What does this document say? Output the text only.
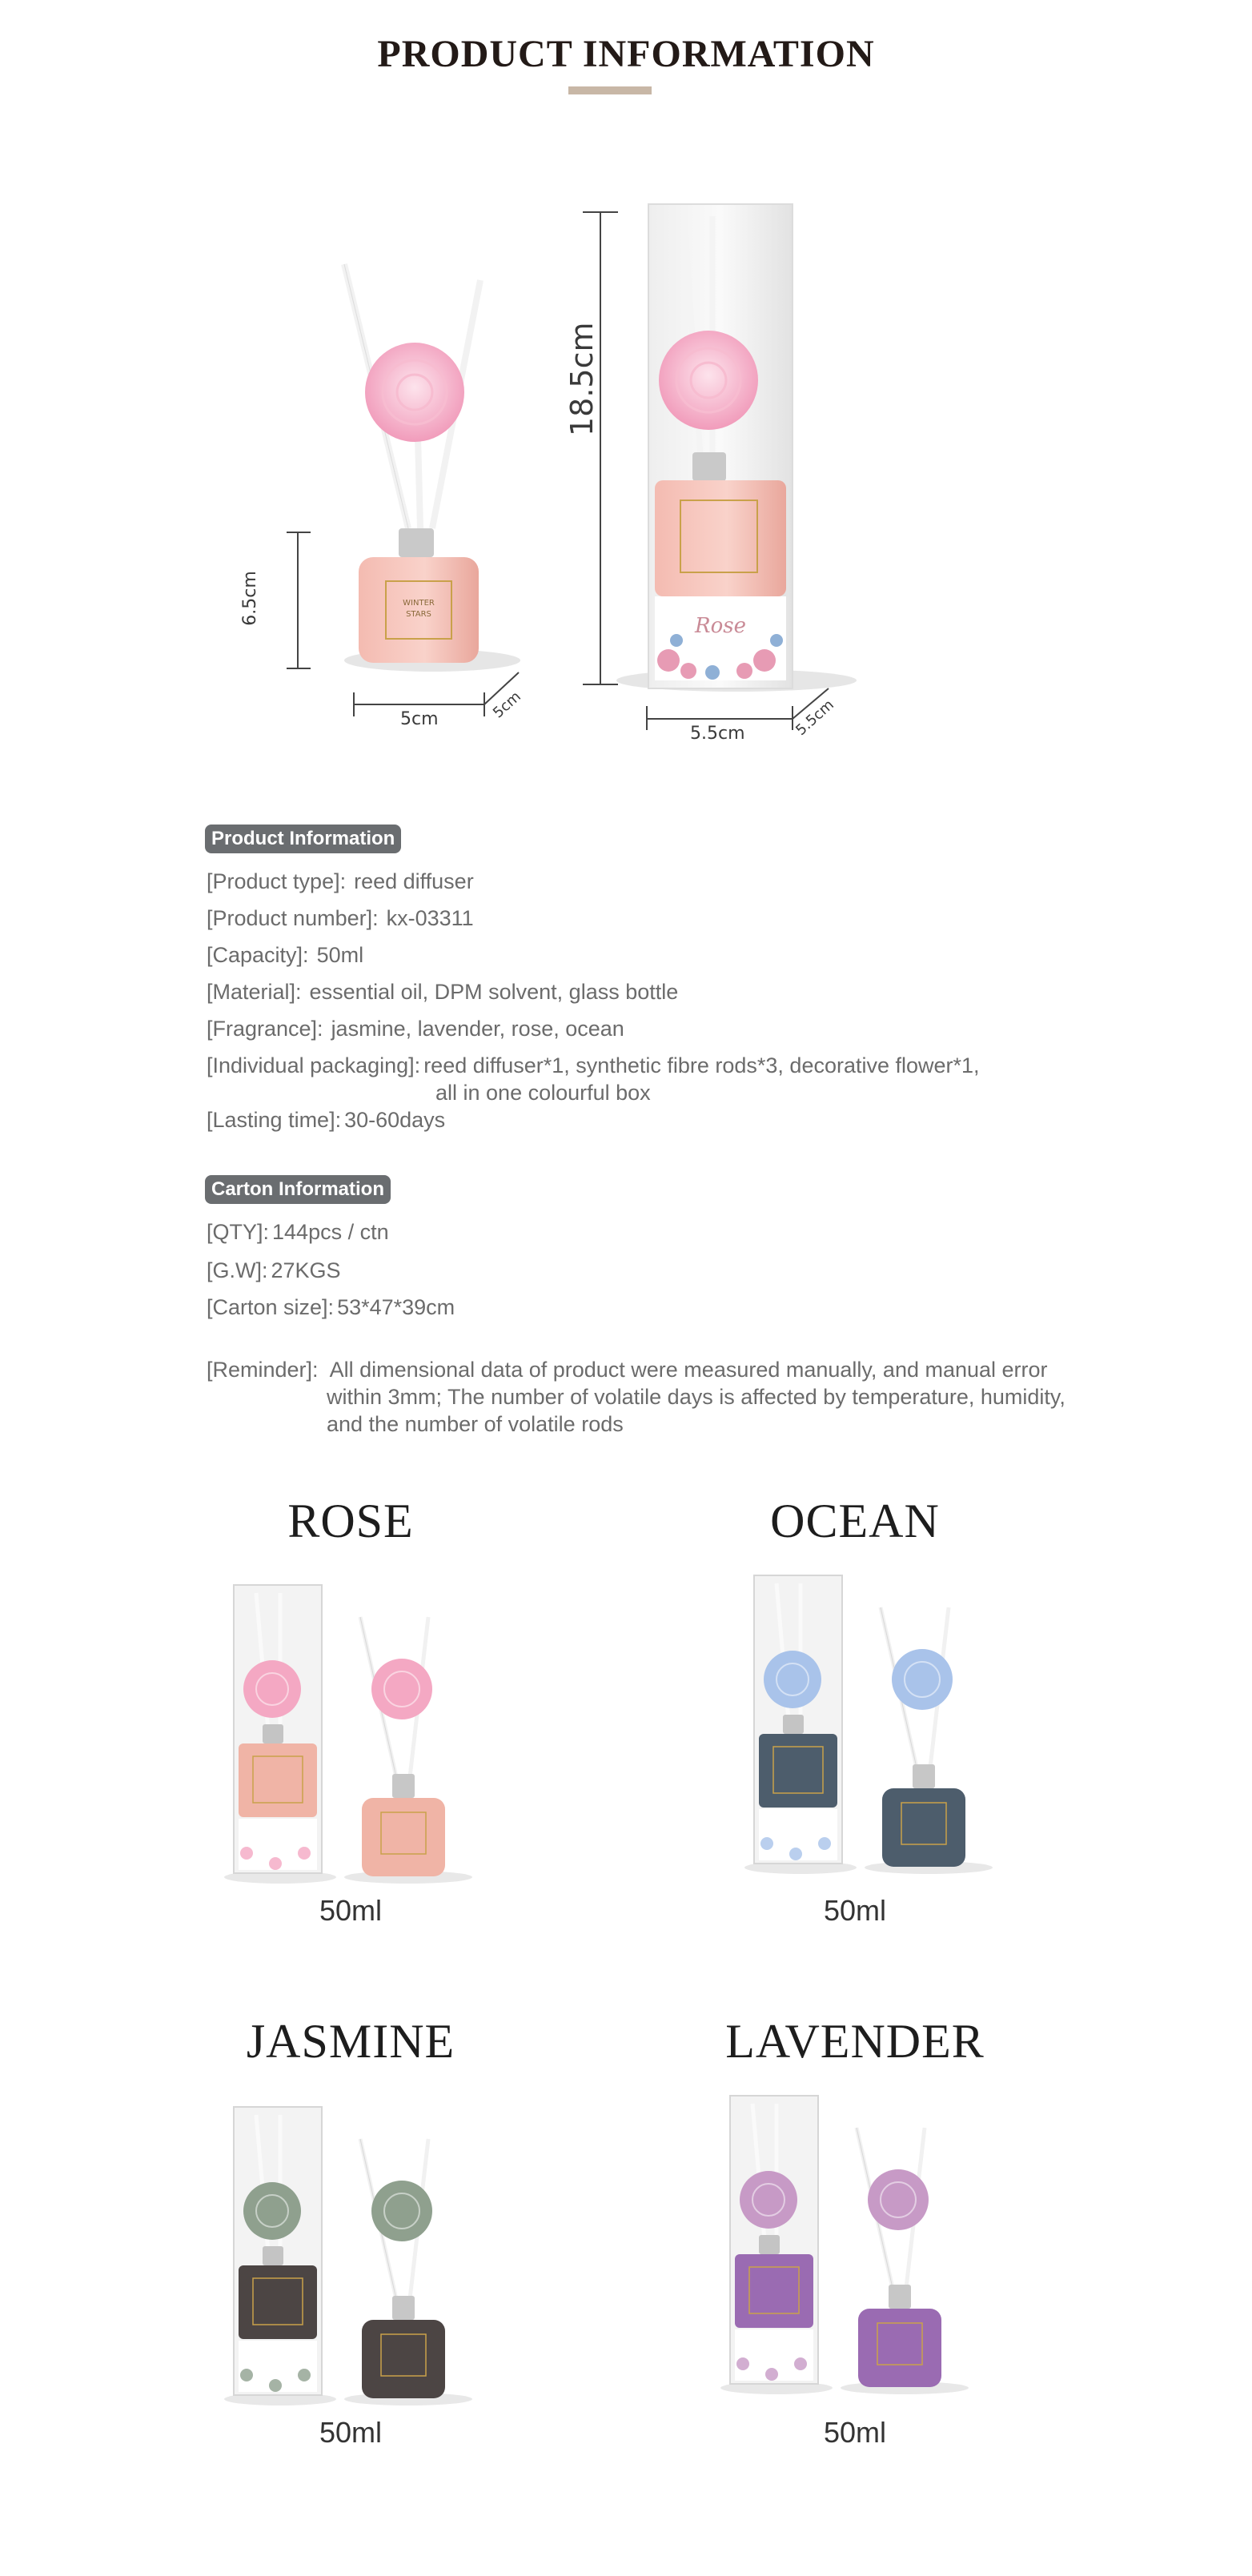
PRODUCT INFORMATION
WINTER
STARS	Rose
6.5cm
5cm	5cm
18.5cm
5.5cm	5.5cm
Product Information
[Product type]: reed diffuser
[Product number]: kx-03311
[Capacity]: 50ml
[Material]: essential oil, DPM solvent, glass bottle
[Fragrance]: jasmine, lavender, rose, ocean
[Individual packaging]: reed diffuser*1, synthetic fibre rods*3, decorative flower*1,
all in one colourful box
[Lasting time]: 30-60days
Carton Information
[QTY]: 144pcs / ctn
[G.W]: 27KGS
[Carton size]: 53*47*39cm
[Reminder]: All dimensional data of product were measured manually, and manual error
within 3mm; The number of volatile days is affected by temperature, humidity,
and the number of volatile rods
ROSE	OCEAN
JASMINE	LAVENDER
50ml	50ml
50ml	50ml
